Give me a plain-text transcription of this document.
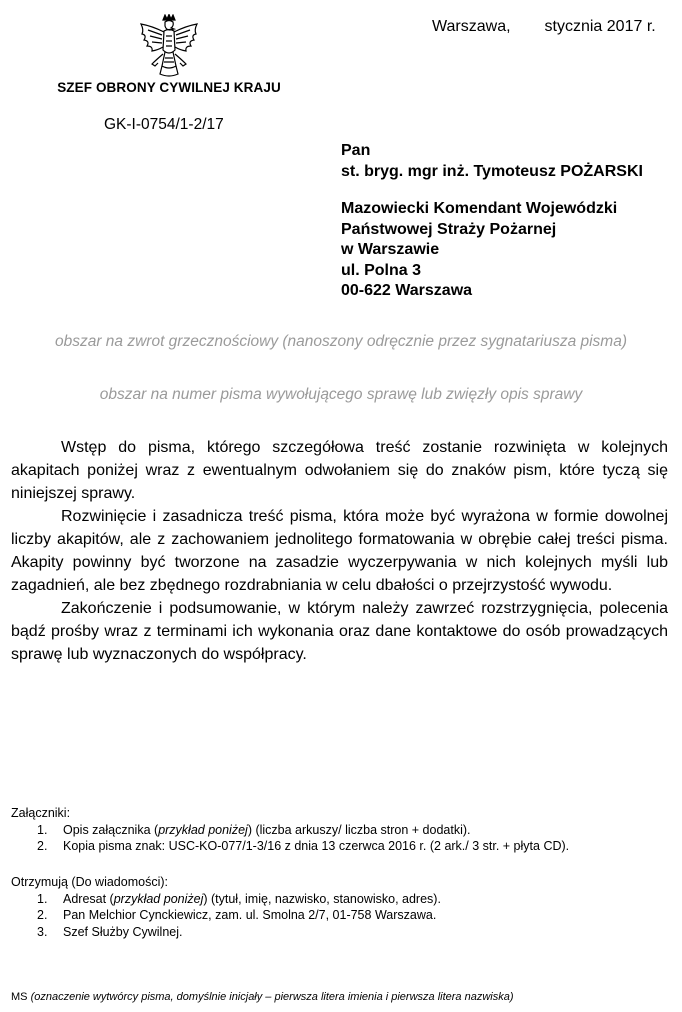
SZEF OBRONY CYWILNEJ KRAJU
GK-I-0754/1-2/17
Warszawa, stycznia 2017 r.
Pan
st. bryg. mgr inż. Tymoteusz POŻARSKI
Mazowiecki Komendant Wojewódzki
Państwowej Straży Pożarnej
w Warszawie
ul. Polna 3
00-622 Warszawa
obszar na zwrot grzecznościowy (nanoszony odręcznie przez sygnatariusza pisma)
obszar na numer pisma wywołującego sprawę lub zwięzły opis sprawy

Wstęp do pisma, którego szczegółowa treść zostanie rozwinięta w kolejnych akapitach poniżej wraz z ewentualnym odwołaniem się do znaków pism, które tyczą się niniejszej sprawy.

Rozwinięcie i zasadnicza treść pisma, która może być wyrażona w formie dowolnej liczby akapitów, ale z zachowaniem jednolitego formatowania w obrębie całej treści pisma. Akapity powinny być tworzone na zasadzie wyczerpywania w nich kolejnych myśli lub zagadnień, ale bez zbędnego rozdrabniania w celu dbałości o przejrzystość wywodu.

Zakończenie i podsumowanie, w którym należy zawrzeć rozstrzygnięcia, polecenia bądź prośby wraz z terminami ich wykonania oraz dane kontaktowe do osób prowadzących sprawę lub wyznaczonych do współpracy.

Załączniki:
1.	Opis załącznika (przykład poniżej) (liczba arkuszy/ liczba stron + dodatki).
2.	Kopia pisma znak: USC-KO-077/1-3/16 z dnia 13 czerwca 2016 r. (2 ark./ 3 str. + płyta CD).
Otrzymują (Do wiadomości):
1.	Adresat (przykład poniżej) (tytuł, imię, nazwisko, stanowisko, adres).
2.	Pan Melchior Cynckiewicz, zam. ul. Smolna 2/7, 01-758 Warszawa.
3.	Szef Służby Cywilnej.
MS (oznaczenie wytwórcy pisma, domyślnie inicjały – pierwsza litera imienia i pierwsza litera nazwiska)
